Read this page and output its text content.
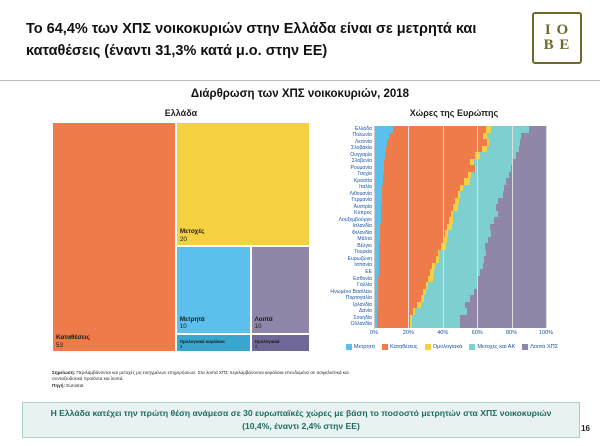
Το 64,4% των ΧΠΣ νοικοκυριών στην Ελλάδα είναι σε μετρητά και καταθέσεις (έναντι 31,3% κατά μ.ο. στην ΕΕ)
I O
B E
Διάρθρωση των ΧΠΣ νοικοκυριών, 2018
Ελλάδα	Χώρες της Ευρώπης
Καταθέσεις
53
Μετοχές
20
Μετρητά
10
Λοιπά
10
Ομολογιακά κεφάλαια
3
Ομολογιακά
3
Ελλάδα
Πολωνία
Λετονία
Σλοβακία
Ουγγαρία
Σλοβενία
Ρουμανία
Τσεχία
Κροατία
Ιταλία
Λιθουανία
Γερμανία
Αυστρία
Κύπρος
Λουξεμβούργο
Ισλανδία
Φιλανδία
Μάλτα
Βέλγιο
Τουρκία
Ευρωζώνη
Ισπανία
ΕΕ
Εσθονία
Γαλλία
Ηνωμένο Βασίλειο
Πορτογαλία
Ιρλανδία
Δανία
Σουηδία
Ολλανδία
0%	20%	40%	60%	80%	100%
Μετρητά	Καταθέσεις	Ομολογιακά	Μετοχές και ΑΚ	Λοιπά ΧΠΣ
Σημείωση: Περιλαμβάνονται και μετοχές μη εισηγμένων επιχειρήσεων. Στα λοιπά ΧΠΣ περιλαμβάνονται κεφάλαια επενδυμένα σε ασφαλιστικά και συνταξιοδοτικά προϊόντα και λοιπά.
Πηγή: Eurostat
Η Ελλάδα κατέχει την πρώτη θέση ανάμεσα σε 30 ευρωπαϊκές χώρες με βάση το ποσοστό μετρητών στα ΧΠΣ νοικοκυριών (10,4%, έναντι 2,4% στην ΕΕ)	16
